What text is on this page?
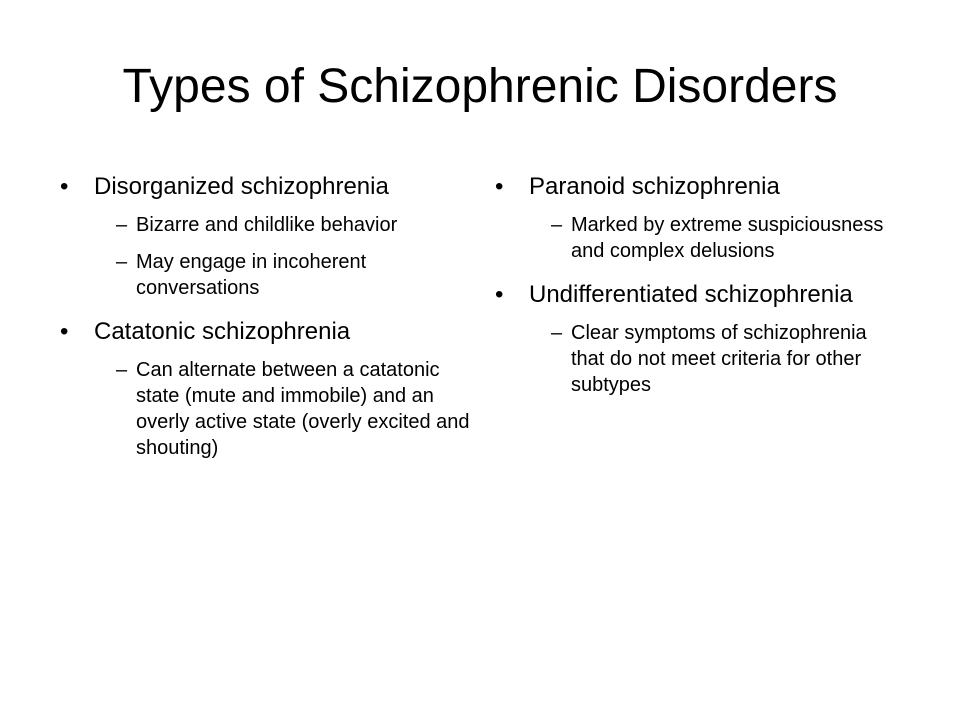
Types of Schizophrenic Disorders
•	Disorganized schizophrenia
– Bizarre and childlike behavior
– May engage in incoherent conversations
•	Catatonic schizophrenia
– Can alternate between a catatonic state (mute and immobile) and an overly active state (overly excited and shouting)
•	Paranoid schizophrenia
– Marked by extreme suspiciousness and complex delusions
•	Undifferentiated schizophrenia
– Clear symptoms of schizophrenia that do not meet criteria for other subtypes
